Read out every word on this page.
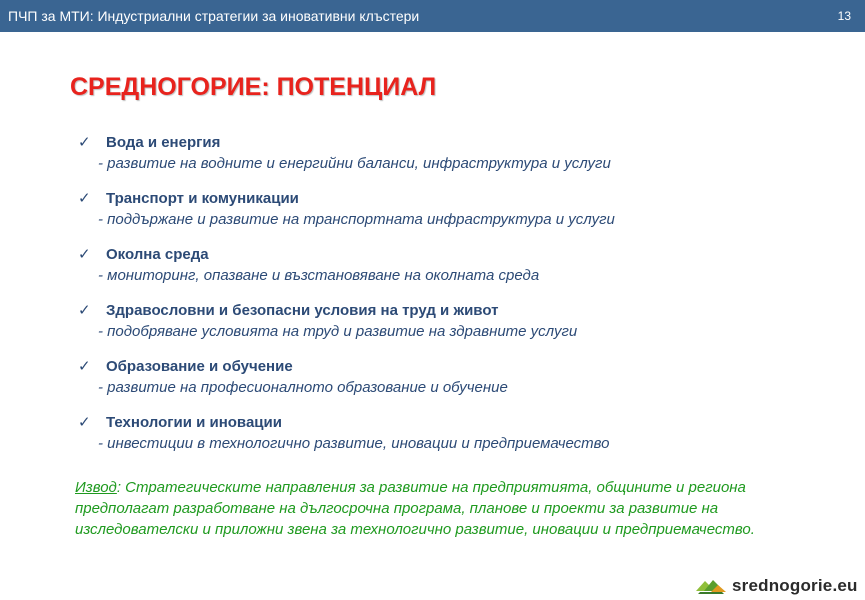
ПЧП за МТИ: Индустриални стратегии за иновативни клъстери	13
СРЕДНОГОРИЕ: ПОТЕНЦИАЛ
✓ Вода и енергия
- развитие на водните и енергийни баланси, инфраструктура и услуги
✓ Транспорт и комуникации
- поддържане и развитие на транспортната инфраструктура и услуги
✓ Околна среда
- мониторинг, опазване и възстановяване на околната среда
✓ Здравословни и безопасни условия на труд и живот
- подобряване условията на труд и развитие на здравните услуги
✓ Образование и обучение
- развитие на професионалното образование и обучение
✓ Технологии и иновации
- инвестиции в технологично развитие, иновации и предприемачество

Извод: Стратегическите направления за развитие на предприятията, общините и региона предполагат разработване на дългосрочна програма, планове и проекти за развитие на изследователски и приложни звена за технологично развитие, иновации и предприемачество.

srednogorie.eu
